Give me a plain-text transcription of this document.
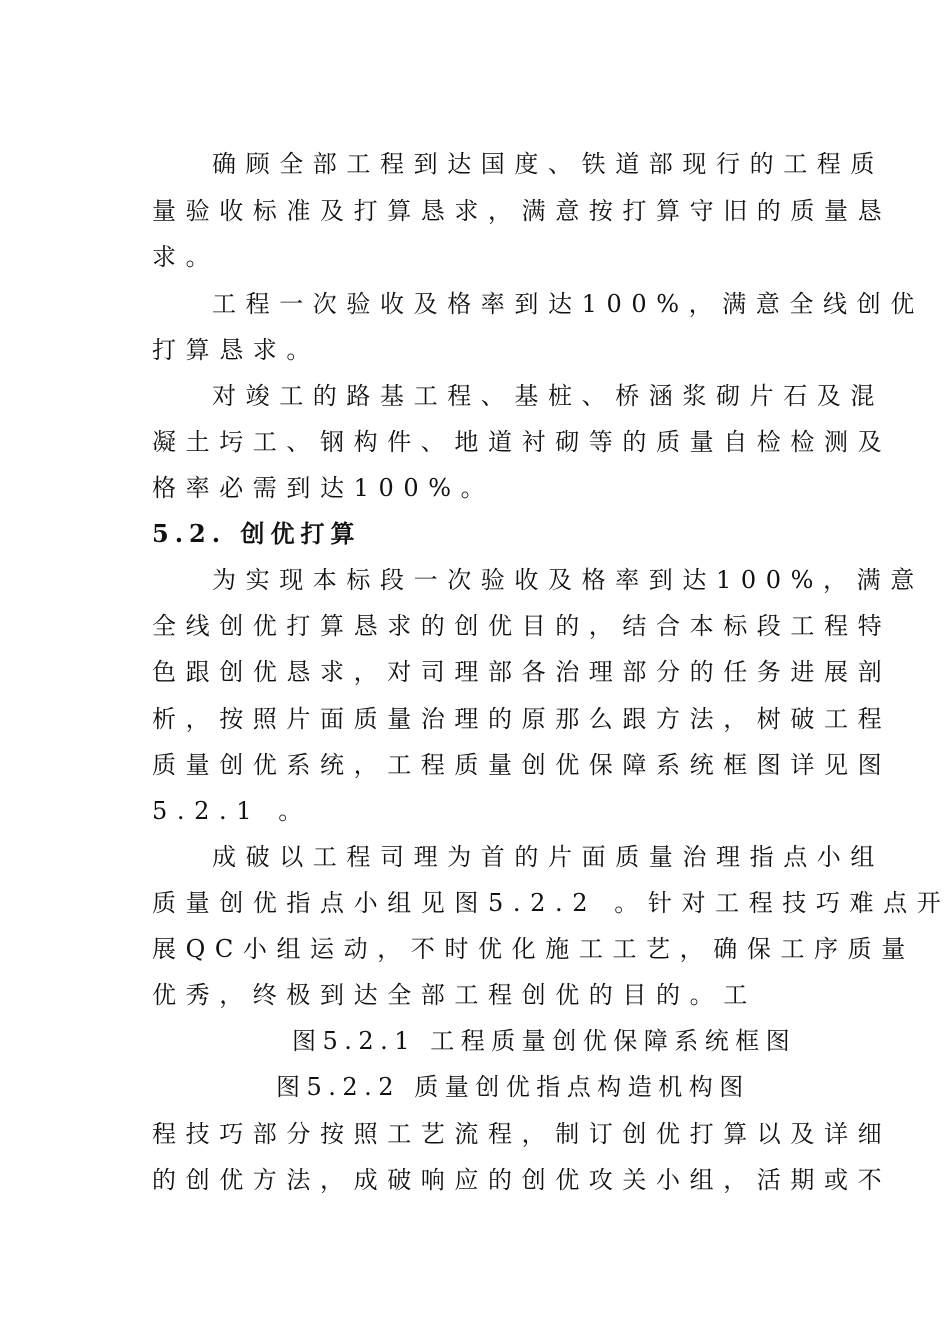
确顾全部工程到达国度、铁道部现行的工程质
量验收标准及打算恳求，满意按打算守旧的质量恳
求。
工程一次验收及格率到达100%，满意全线创优
打算恳求。
对竣工的路基工程、基桩、桥涵浆砌片石及混
凝土圬工、钢构件、地道衬砌等的质量自检检测及
格率必需到达100%。
5.2. 创优打算
为实现本标段一次验收及格率到达100%，满意
全线创优打算恳求的创优目的，结合本标段工程特
色跟创优恳求，对司理部各治理部分的任务进展剖
析，按照片面质量治理的原那么跟方法，树破工程
质量创优系统，工程质量创优保障系统框图详见图
5.2.1 。
成破以工程司理为首的片面质量治理指点小组
质量创优指点小组见图5.2.2 。针对工程技巧难点开
展QC小组运动，不时优化施工工艺，确保工序质量
优秀，终极到达全部工程创优的目的。工
图5.2.1 工程质量创优保障系统框图
图5.2.2 质量创优指点构造机构图
程技巧部分按照工艺流程，制订创优打算以及详细
的创优方法，成破响应的创优攻关小组，活期或不
